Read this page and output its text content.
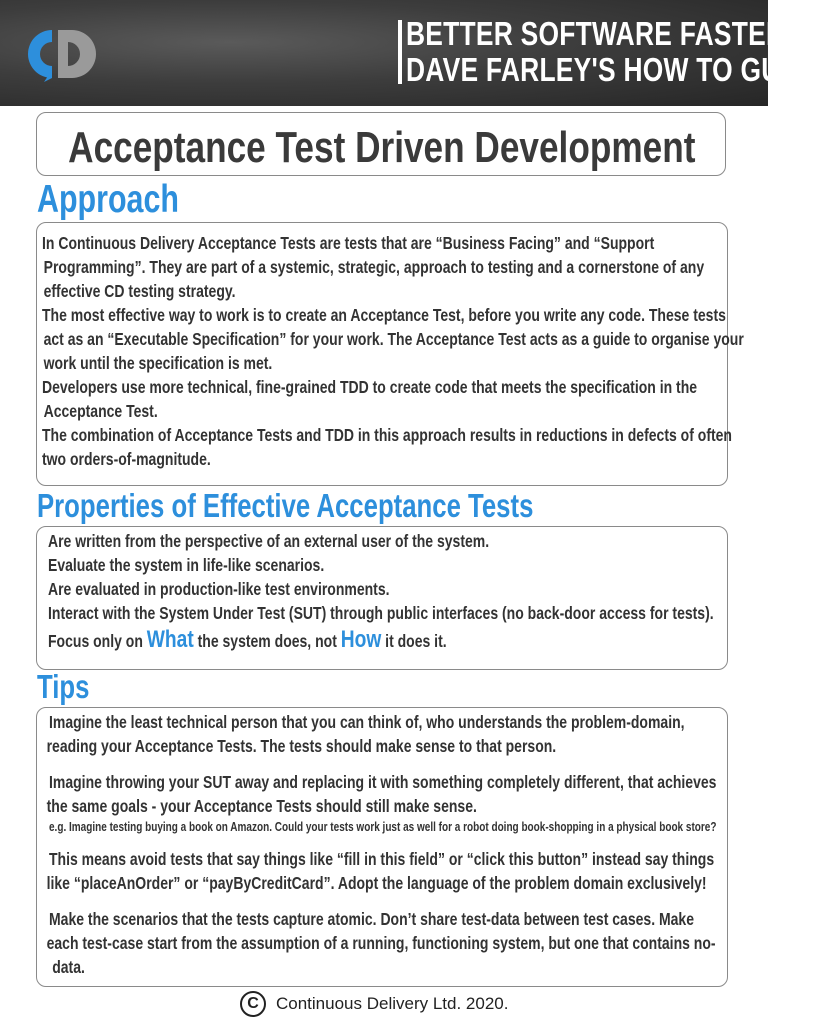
BETTER SOFTWARE FASTER
DAVE FARLEY'S HOW TO GUIDE
Acceptance Test Driven Development
Approach
In Continuous Delivery Acceptance Tests are tests that are “Business Facing” and “Support
Programming”. They are part of a systemic, strategic, approach to testing and a cornerstone of any
effective CD testing strategy.
The most effective way to work is to create an Acceptance Test, before you write any code. These tests
act as an “Executable Specification” for your work. The Acceptance Test acts as a guide to organise your
work until the specification is met.
Developers use more technical, fine-grained TDD to create code that meets the specification in the
Acceptance Test.
The combination of Acceptance Tests and TDD in this approach results in reductions in defects of often
two orders-of-magnitude.
Properties of Effective Acceptance Tests
Are written from the perspective of an external user of the system.
Evaluate the system in life-like scenarios.
Are evaluated in production-like test environments.
Interact with the System Under Test (SUT) through public interfaces (no back-door access for tests).
Focus only on What the system does, not How it does it.
Tips
Imagine the least technical person that you can think of, who understands the problem-domain,
reading your Acceptance Tests. The tests should make sense to that person.
Imagine throwing your SUT away and replacing it with something completely different, that achieves
the same goals - your Acceptance Tests should still make sense.
e.g. Imagine testing buying a book on Amazon. Could your tests work just as well for a robot doing book-shopping in a physical book store?
This means avoid tests that say things like “fill in this field” or “click this button” instead say things
like “placeAnOrder” or “payByCreditCard”. Adopt the language of the problem domain exclusively!
Make the scenarios that the tests capture atomic. Don’t share test-data between test cases. Make
each test-case start from the assumption of a running, functioning system, but one that contains no-
data.
C	Continuous Delivery Ltd. 2020.
